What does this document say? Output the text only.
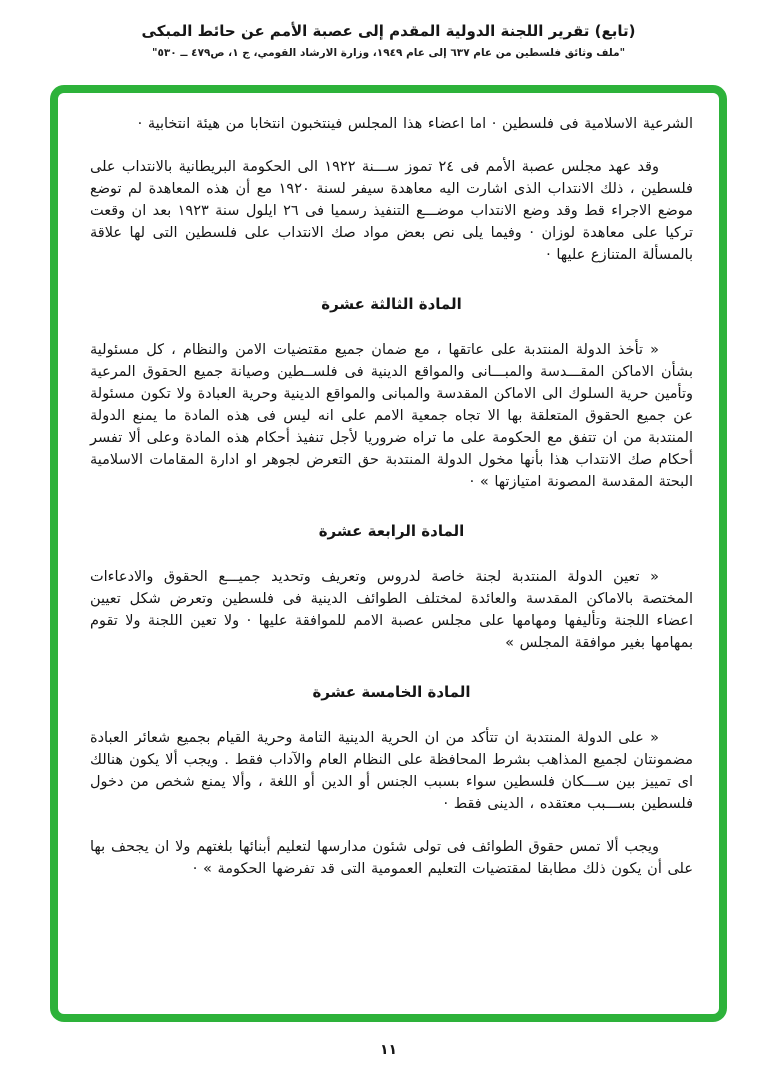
(تابع) تقرير اللجنة الدولية المقدم إلى عصبة الأمم عن حائط المبكى
"ملف وثائق فلسطين من عام ٦٣٧ إلى عام ١٩٤٩، وزارة الارشاد القومي، ج ١، ص٤٧٩ ــ ٥٣٠"

الشرعية الاسلامية فى فلسطين · اما اعضاء هذا المجلس فينتخبون انتخابا من هيئة انتخابية ·

وقد عهد مجلس عصبة الأمم فى ٢٤ تموز ســـنة ١٩٢٢ الى الحكومة البريطانية بالانتداب على فلسطين ، ذلك الانتداب الذى اشارت اليه معاهدة سيفر لسنة ١٩٢٠ مع أن هذه المعاهدة لم توضع موضع الاجراء قط وقد وضع الانتداب موضـــع التنفيذ رسميا فى ٢٦ ايلول سنة ١٩٢٣ بعد ان وقعت تركيا على معاهدة لوزان · وفيما يلى نص بعض مواد صك الانتداب على فلسطين التى لها علاقة بالمسألة المتنازع عليها ·

المادة الثالثة عشرة

« تأخذ الدولة المنتدبة على عاتقها ، مع ضمان جميع مقتضيات الامن والنظام ، كل مسئولية بشأن الاماكن المقـــدسة والمبـــانى والمواقع الدينية فى فلســطين وصيانة جميع الحقوق المرعية وتأمين حرية السلوك الى الاماكن المقدسة والمبانى والمواقع الدينية وحرية العبادة ولا تكون مسئولة عن جميع الحقوق المتعلقة بها الا تجاه جمعية الامم على انه ليس فى هذه المادة ما يمنع الدولة المنتدبة من ان تتفق مع الحكومة على ما تراه ضروريا لأجل تنفيذ أحكام هذه المادة وعلى ألا تفسر أحكام صك الانتداب هذا بأنها مخول الدولة المنتدبة حق التعرض لجوهر او ادارة المقامات الاسلامية البحتة المقدسة المصونة امتيازتها » ·

المادة الرابعة عشرة

« تعين الدولة المنتدبة لجنة خاصة لدروس وتعريف وتحديد جميـــع الحقوق والادعاءات المختصة بالاماكن المقدسة والعائدة لمختلف الطوائف الدينية فى فلسطين وتعرض شكل تعيين اعضاء اللجنة وتأليفها ومهامها على مجلس عصبة الامم للموافقة عليها · ولا تعين اللجنة ولا تقوم بمهامها بغير موافقة المجلس »

المادة الخامسة عشرة

« على الدولة المنتدبة ان تتأكد من ان الحرية الدينية التامة وحرية القيام بجميع شعائر العبادة مضمونتان لجميع المذاهب بشرط المحافظة على النظام العام والآداب فقط . ويجب ألا يكون هنالك اى تمييز بين ســـكان فلسطين سواء بسبب الجنس أو الدين أو اللغة ، وألا يمنع شخص من دخول فلسطين بســـبب معتقده ، الدينى فقط ·

ويجب ألا تمس حقوق الطوائف فى تولى شئون مدارسها لتعليم أبنائها بلغتهم ولا ان يجحف بها على أن يكون ذلك مطابقا لمقتضيات التعليم العمومية التى قد تفرضها الحكومة » ·

١١
